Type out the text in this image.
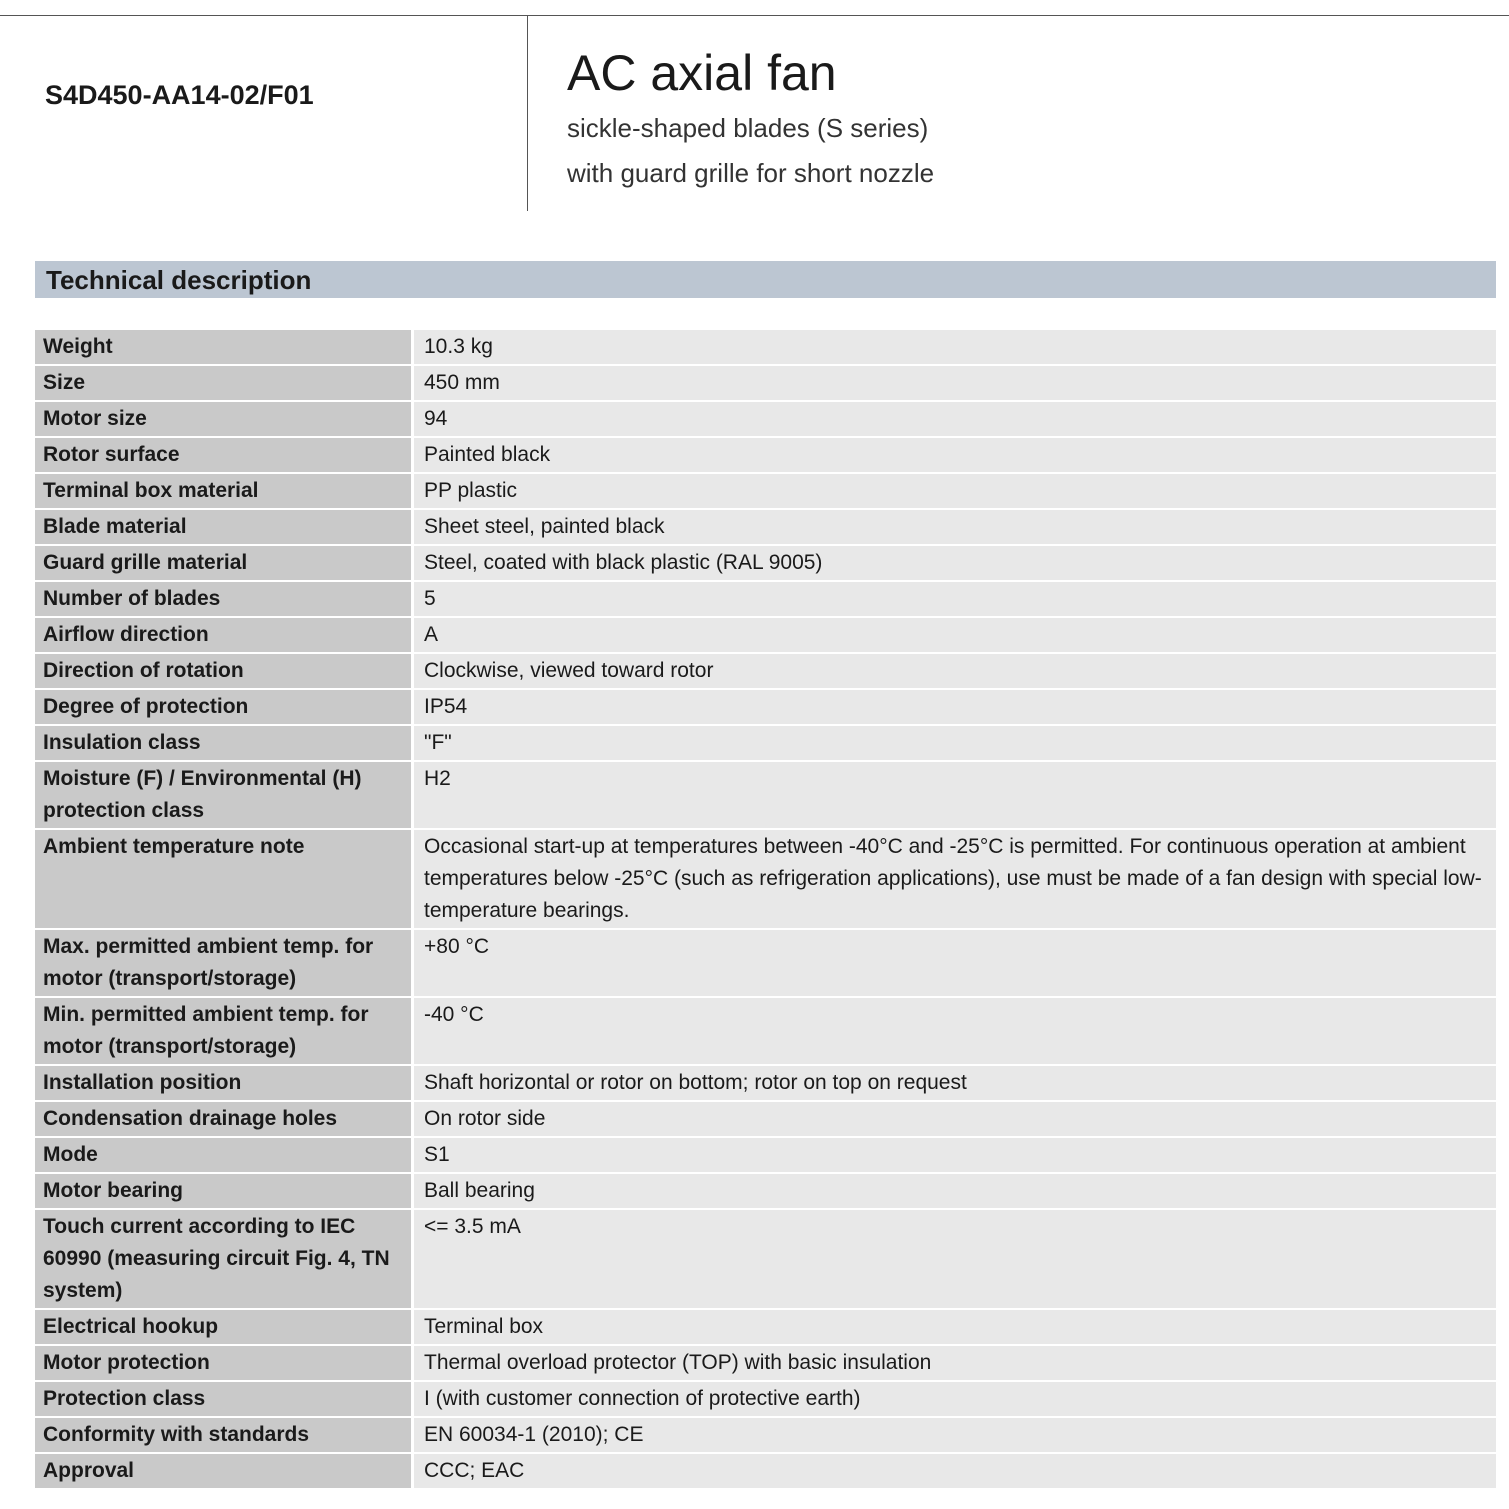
S4D450-AA14-02/F01	AC axial fan
sickle-shaped blades (S series)
with guard grille for short nozzle
Technical description
Weight	10.3 kg
Size	450 mm
Motor size	94
Rotor surface	Painted black
Terminal box material	PP plastic
Blade material	Sheet steel, painted black
Guard grille material	Steel, coated with black plastic (RAL 9005)
Number of blades	5
Airflow direction	A
Direction of rotation	Clockwise, viewed toward rotor
Degree of protection	IP54
Insulation class	"F"
Moisture (F) / Environmental (H) protection class	H2
Ambient temperature note	Occasional start-up at temperatures between -40°C and -25°C is permitted. For continuous operation at ambient temperatures below -25°C (such as refrigeration applications), use must be made of a fan design with special low-temperature bearings.
Max. permitted ambient temp. for motor (transport/storage)	+80 °C
Min. permitted ambient temp. for motor (transport/storage)	-40 °C
Installation position	Shaft horizontal or rotor on bottom; rotor on top on request
Condensation drainage holes	On rotor side
Mode	S1
Motor bearing	Ball bearing
Touch current according to IEC 60990 (measuring circuit Fig. 4, TN system)	<= 3.5 mA
Electrical hookup	Terminal box
Motor protection	Thermal overload protector (TOP) with basic insulation
Protection class	I (with customer connection of protective earth)
Conformity with standards	EN 60034-1 (2010); CE
Approval	CCC; EAC
